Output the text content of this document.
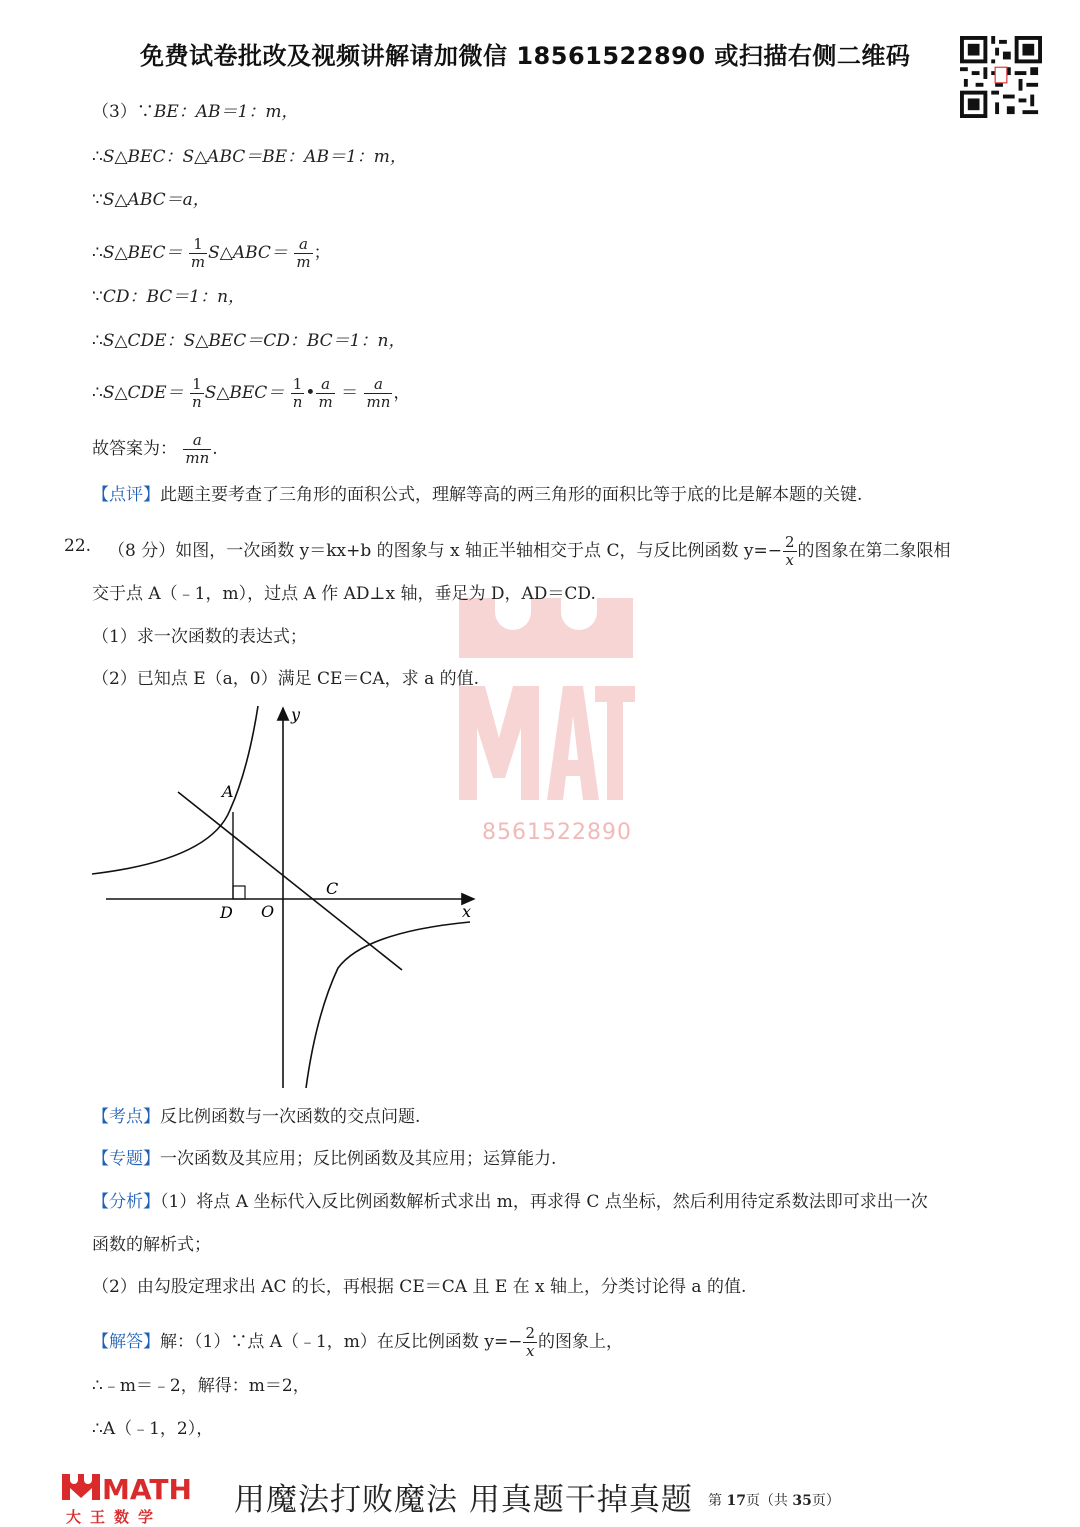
免费试卷批改及视频讲解请加微信 18561522890 或扫描右侧二维码
8561522890
（3）∵BE：AB＝1：m，
∴S△BEC：S△ABC＝BE：AB＝1：m，
∵S△ABC＝a，
∴S△BEC＝ $\frac{1}{m}$ S△ABC＝ $\frac{a}{m}$ ；
∵CD：BC＝1：n，
∴S△CDE：S△BEC＝CD：BC＝1：n，
∴S△CDE＝ $\frac{1}{n}$ S△BEC＝ $\frac{1}{n}$ • $\frac{a}{m} = \frac{a}{mn}$ ，
故答案为： $\frac{a}{mn}$ .
【点评】此题主要考查了三角形的面积公式，理解等高的两三角形的面积比等于底的比是解本题的关键.
22. （8 分）如图，一次函数 y＝kx+b 的图象与 x 轴正半轴相交于点 C，与反比例函数 $y=- \frac{2}{x}$ 的图象在第二象限相
交于点 A（﹣1，m），过点 A 作 AD⊥x 轴，垂足为 D，AD＝CD.
（1）求一次函数的表达式；
（2）已知点 E（a，0）满足 CE＝CA，求 a 的值.
y
x
A
C
D O
【考点】反比例函数与一次函数的交点问题.
【专题】一次函数及其应用；反比例函数及其应用；运算能力.
【分析】（1）将点 A 坐标代入反比例函数解析式求出 m，再求得 C 点坐标，然后利用待定系数法即可求出一次
函数的解析式；
（2）由勾股定理求出 AC 的长，再根据 CE＝CA 且 E 在 x 轴上，分类讨论得 a 的值.
【解答】解：（1）∵点 A（﹣1，m）在反比例函数 $y=- \frac{2}{x}$ 的图象上，
∴﹣m＝﹣2，解得：m＝2，
∴A（﹣1，2），
MATH
大王数学 用魔法打败魔法 用真题干掉真题 第 17页（共 35页）
